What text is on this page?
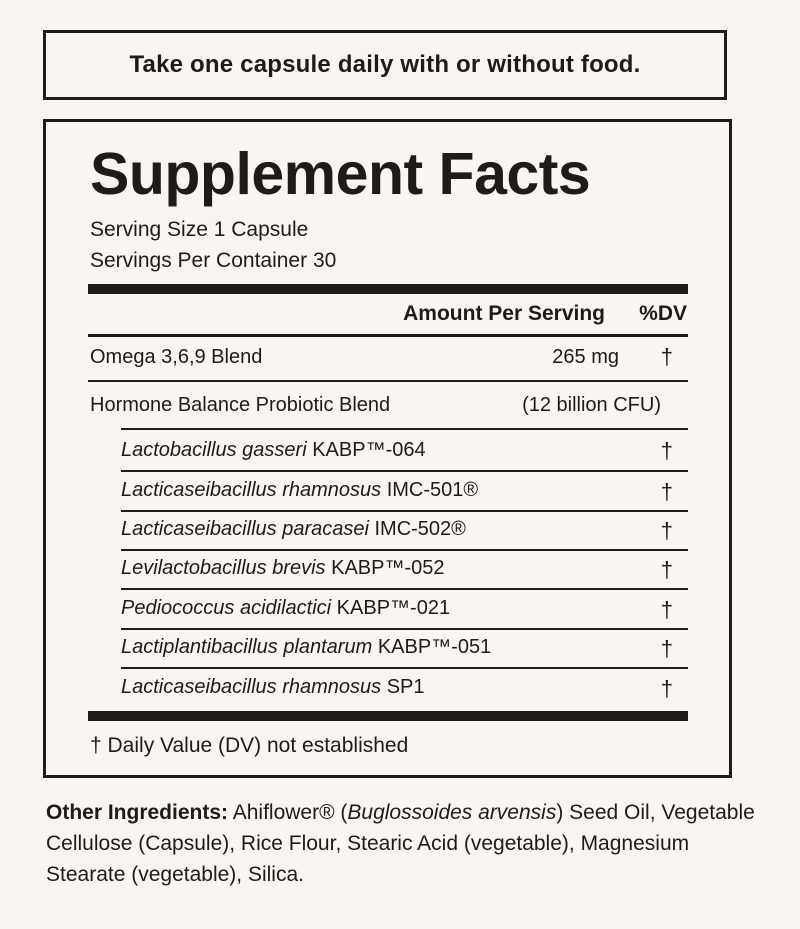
Take one capsule daily with or without food.
Supplement Facts
Serving Size 1 Capsule
Servings Per Container 30
Amount Per Serving %DV
Omega 3,6,9 Blend	265 mg †
Hormone Balance Probiotic Blend	(12 billion CFU)
Lactobacillus gasseri KABP™-064	†
Lacticaseibacillus rhamnosus IMC-501®	†
Lacticaseibacillus paracasei IMC-502®	†
Levilactobacillus brevis KABP™-052	†
Pediococcus acidilactici KABP™-021	†
Lactiplantibacillus plantarum KABP™-051	†
Lacticaseibacillus rhamnosus SP1	†
† Daily Value (DV) not established
Other Ingredients: Ahiflower® (Buglossoides arvensis) Seed Oil, Vegetable Cellulose (Capsule), Rice Flour, Stearic Acid (vegetable), Magnesium Stearate (vegetable), Silica.
